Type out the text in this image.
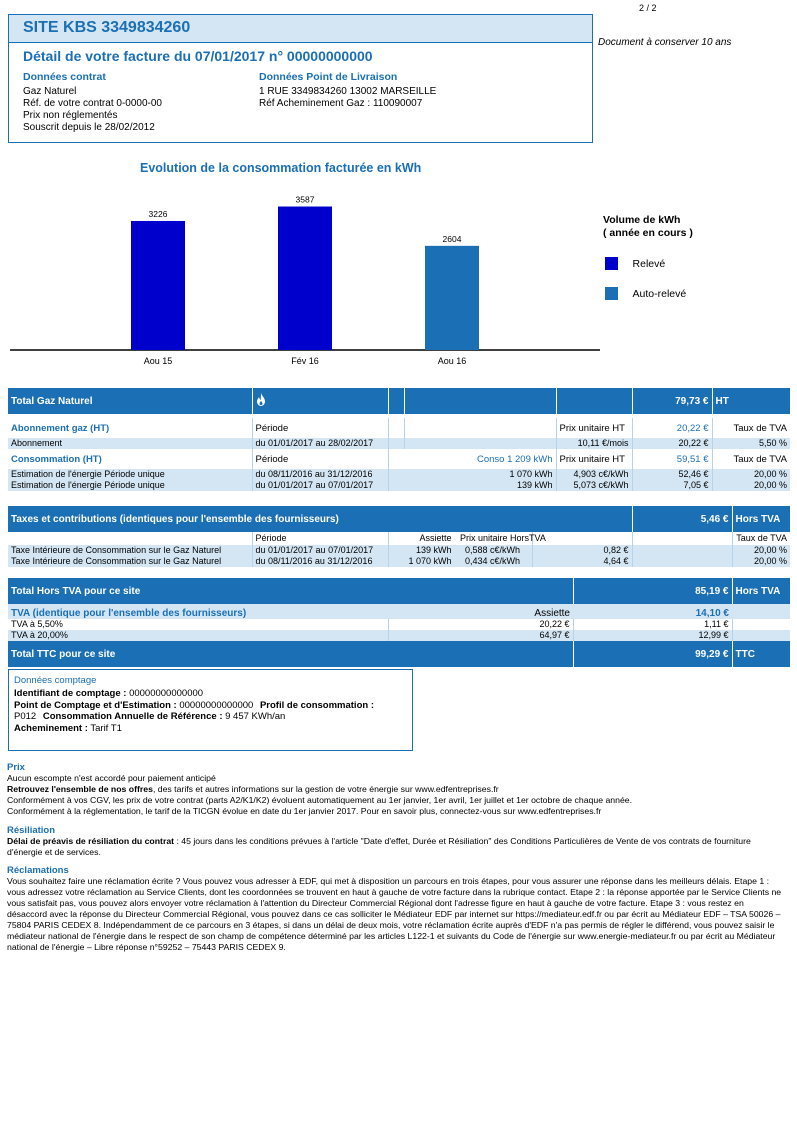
2 / 2
Document à conserver 10 ans
SITE KBS 3349834260
Détail de votre facture du 07/01/2017 n° 00000000000
Données contrat
Gaz Naturel
Réf. de votre contrat 0-0000-00
Prix non réglementés
Souscrit depuis le 28/02/2012
Données Point de Livraison
1 RUE 3349834260 13002 MARSEILLE
Réf Acheminement Gaz : 110090007
Evolution de la consommation facturée en kWh
3226
Aou 15
3587
Fév 16
2604
Aou 16
Volume de kWh
( année en cours )
Relevé
Auto-relevé
Total Gaz Naturel					79,73 €	HT

Abonnement gaz (HT)	Période			Prix unitaire HT	20,22 €	Taux de TVA
Abonnement	du 01/01/2017 au 28/02/2017			10,11 €/mois	20,22 €	5,50 %
Consommation (HT)	Période	Conso 1 209 kWh		Prix unitaire HT	59,51 €	Taux de TVA
Estimation de l'énergie Période unique	du 08/11/2016 au 31/12/2016	1 070 kWh		4,903 c€/kWh	52,46 €	20,00 %
Estimation de l'énergie Période unique	du 01/01/2017 au 07/01/2017	139 kWh		5,073 c€/kWh	7,05 €	20,00 %
Taxes et contributions (identiques pour l'ensemble des fournisseurs)				5,46 €	Hors TVA
	Période	Assiette Prix unitaire HorsTVA			Taux de TVA
Taxe Intérieure de Consommation sur le Gaz Naturel	du 01/01/2017 au 07/01/2017	139 kWh 0,588 c€/kWh	0,82 €		20,00 %
Taxe Intérieure de Consommation sur le Gaz Naturel	du 08/11/2016 au 31/12/2016	1 070 kWh 0,434 c€/kWh	4,64 €		20,00 %
Total Hors TVA pour ce site		85,19 €	Hors TVA

TVA (identique pour l'ensemble des fournisseurs)	Assiette	14,10 €	
TVA à 5,50%	20,22 €	1,11 €	
TVA à 20,00%	64,97 €	12,99 €	
Total TTC pour ce site		99,29 €	TTC
Données comptage
Identifiant de comptage : 00000000000000
Point de Comptage et d'Estimation : 00000000000000 Profil de consommation :
P012 Consommation Annuelle de Référence : 9 457 KWh/an
Acheminement : Tarif T1
Prix
Aucun escompte n'est accordé pour paiement anticipé
Retrouvez l'ensemble de nos offres, des tarifs et autres informations sur la gestion de votre énergie sur www.edfentreprises.fr
Conformément à vos CGV, les prix de votre contrat (parts A2/K1/K2) évoluent automatiquement au 1er janvier, 1er avril, 1er juillet et 1er octobre de chaque année.
Conformément à la réglementation, le tarif de la TICGN évolue en date du 1er janvier 2017. Pour en savoir plus, connectez-vous sur www.edfentreprises.fr
Résiliation
Délai de préavis de résiliation du contrat : 45 jours dans les conditions prévues à l'article "Date d'effet, Durée et Résiliation" des Conditions Particulières de Vente de vos contrats de fourniture d'énergie et de services.
Réclamations
Vous souhaitez faire une réclamation écrite ? Vous pouvez vous adresser à EDF, qui met à disposition un parcours en trois étapes, pour vous assurer une réponse dans les meilleurs délais. Etape 1 : vous adressez votre réclamation au Service Clients, dont les coordonnées se trouvent en haut à gauche de votre facture dans la rubrique contact. Etape 2 : la réponse apportée par le Service Clients ne vous satisfait pas, vous pouvez alors envoyer votre réclamation à l'attention du Directeur Commercial Régional dont l'adresse figure en haut à gauche de votre facture. Etape 3 : vous restez en désaccord avec la réponse du Directeur Commercial Régional, vous pouvez dans ce cas solliciter le Médiateur EDF par internet sur https://mediateur.edf.fr ou par écrit au Médiateur EDF – TSA 50026 – 75804 PARIS CEDEX 8. Indépendamment de ce parcours en 3 étapes, si dans un délai de deux mois, votre réclamation écrite auprès d'EDF n'a pas permis de régler le différend, vous pouvez saisir le médiateur national de l'énergie dans le respect de son champ de compétence déterminé par les articles L122-1 et suivants du Code de l'énergie sur www.energie-mediateur.fr ou par écrit au Médiateur national de l'énergie – Libre réponse n°59252 – 75443 PARIS CEDEX 9.
